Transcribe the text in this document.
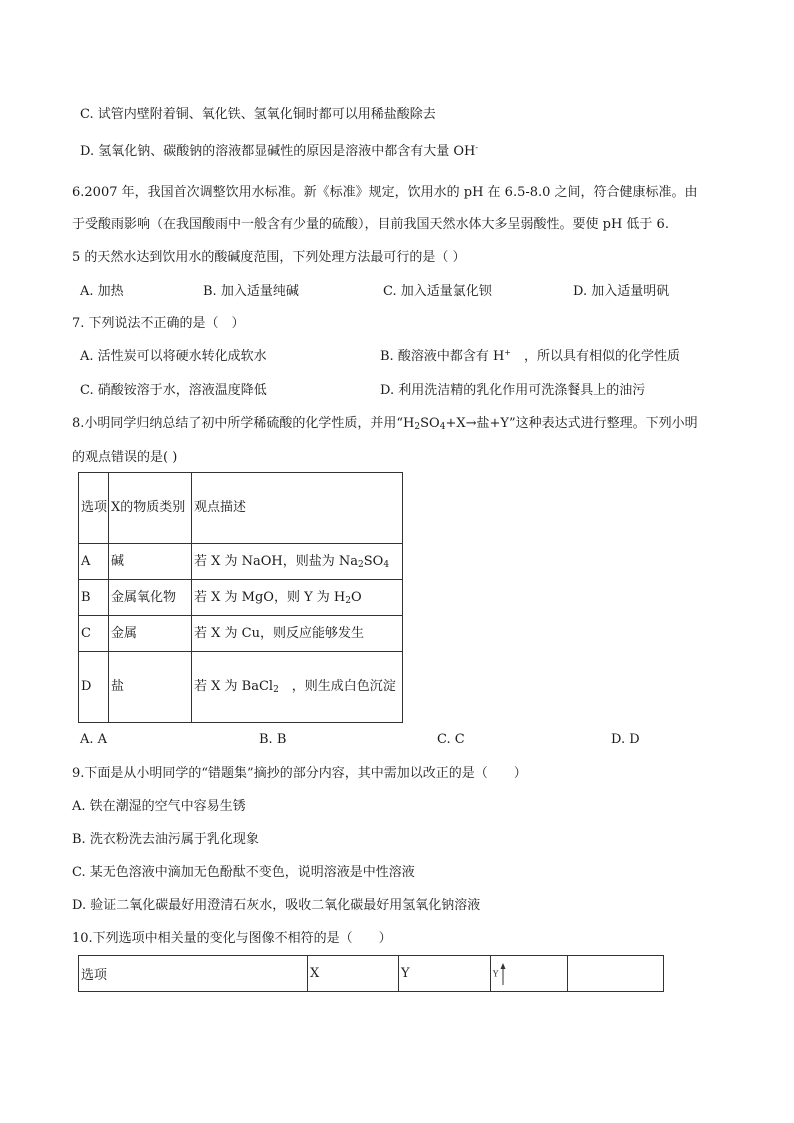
C. 试管内壁附着铜、氧化铁、氢氧化铜时都可以用稀盐酸除去
D. 氢氧化钠、碳酸钠的溶液都显碱性的原因是溶液中都含有大量 OH-
6.2007 年，我国首次调整饮用水标准。新《标准》规定，饮用水的 pH 在 6.5-8.0 之间，符合健康标准。由
于受酸雨影响（在我国酸雨中一般含有少量的硫酸），目前我国天然水体大多呈弱酸性。要使 pH 低于 6.
5 的天然水达到饮用水的酸碱度范围，下列处理方法最可行的是（ ）
A. 加热	B. 加入适量纯碱	C. 加入适量氯化钡	D. 加入适量明矾
7. 下列说法不正确的是（　）
A. 活性炭可以将硬水转化成软水	B. 酸溶液中都含有 H+　，所以具有相似的化学性质
C. 硝酸铵溶于水，溶液温度降低	D. 利用洗洁精的乳化作用可洗涤餐具上的油污
8.小明同学归纳总结了初中所学稀硫酸的化学性质，并用“$H_2SO_4+X\to$盐+Y”这种表达式进行整理。下列小明
的观点错误的是( )
选项	X的物质类别	观点描述
A	碱	若 X 为 NaOH，则盐为 $Na_2SO_4$
B	金属氧化物	若 X 为 MgO，则 Y 为 $H_2O$
C	金属	若 X 为 Cu，则反应能够发生
D	盐	若 X 为 BaCl$_2$　，则生成白色沉淀
A. A	B. B	C. C	D. D
9.下面是从小明同学的“错题集”摘抄的部分内容，其中需加以改正的是（　　）
A. 铁在潮湿的空气中容易生锈
B. 洗衣粉洗去油污属于乳化现象
C. 某无色溶液中滴加无色酚酞不变色，说明溶液是中性溶液
D. 验证二氧化碳最好用澄清石灰水，吸收二氧化碳最好用氢氧化钠溶液
10.下列选项中相关量的变化与图像不相符的是（　　）
选项	X	Y	Y	
